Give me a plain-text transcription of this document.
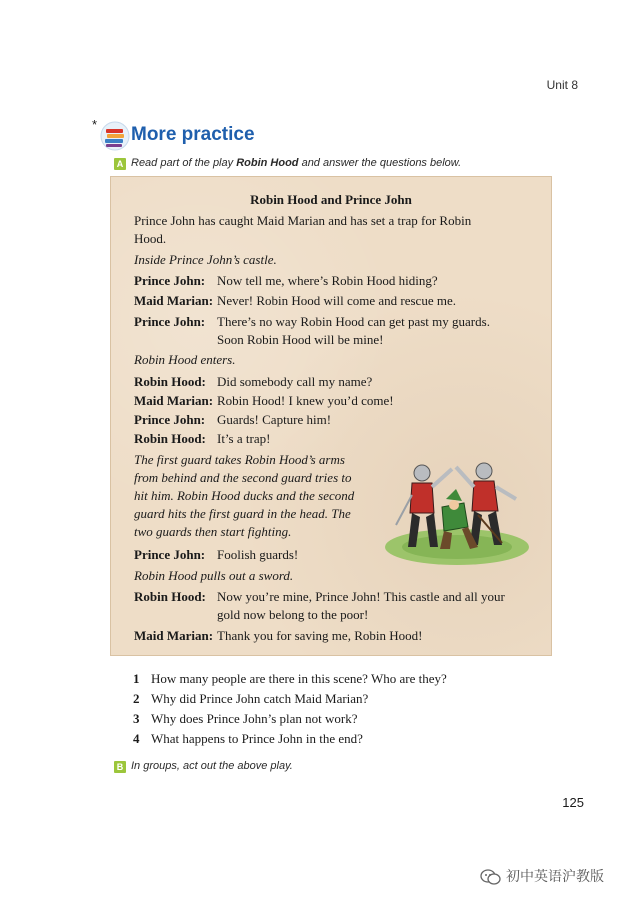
Unit 8
* More practice
A Read part of the play Robin Hood and answer the questions below.
Robin Hood and Prince John
Prince John has caught Maid Marian and has set a trap for Robin
Hood.
Inside Prince John’s castle.
Prince John: Now tell me, where’s Robin Hood hiding?
Maid Marian: Never! Robin Hood will come and rescue me.
Prince John: There’s no way Robin Hood can get past my guards.
Soon Robin Hood will be mine!
Robin Hood enters.
Robin Hood: Did somebody call my name?
Maid Marian: Robin Hood! I knew you’d come!
Prince John: Guards! Capture him!
Robin Hood: It’s a trap!
The first guard takes Robin Hood’s arms
from behind and the second guard tries to
hit him. Robin Hood ducks and the second
guard hits the first guard in the head. The
two guards then start fighting.
Prince John: Foolish guards!
Robin Hood pulls out a sword.
Robin Hood: Now you’re mine, Prince John! This castle and all your
gold now belong to the poor!
Maid Marian: Thank you for saving me, Robin Hood!
1 How many people are there in this scene? Who are they?
2 Why did Prince John catch Maid Marian?
3 Why does Prince John’s plan not work?
4 What happens to Prince John in the end?
B In groups, act out the above play.
125
初中英语沪教版
